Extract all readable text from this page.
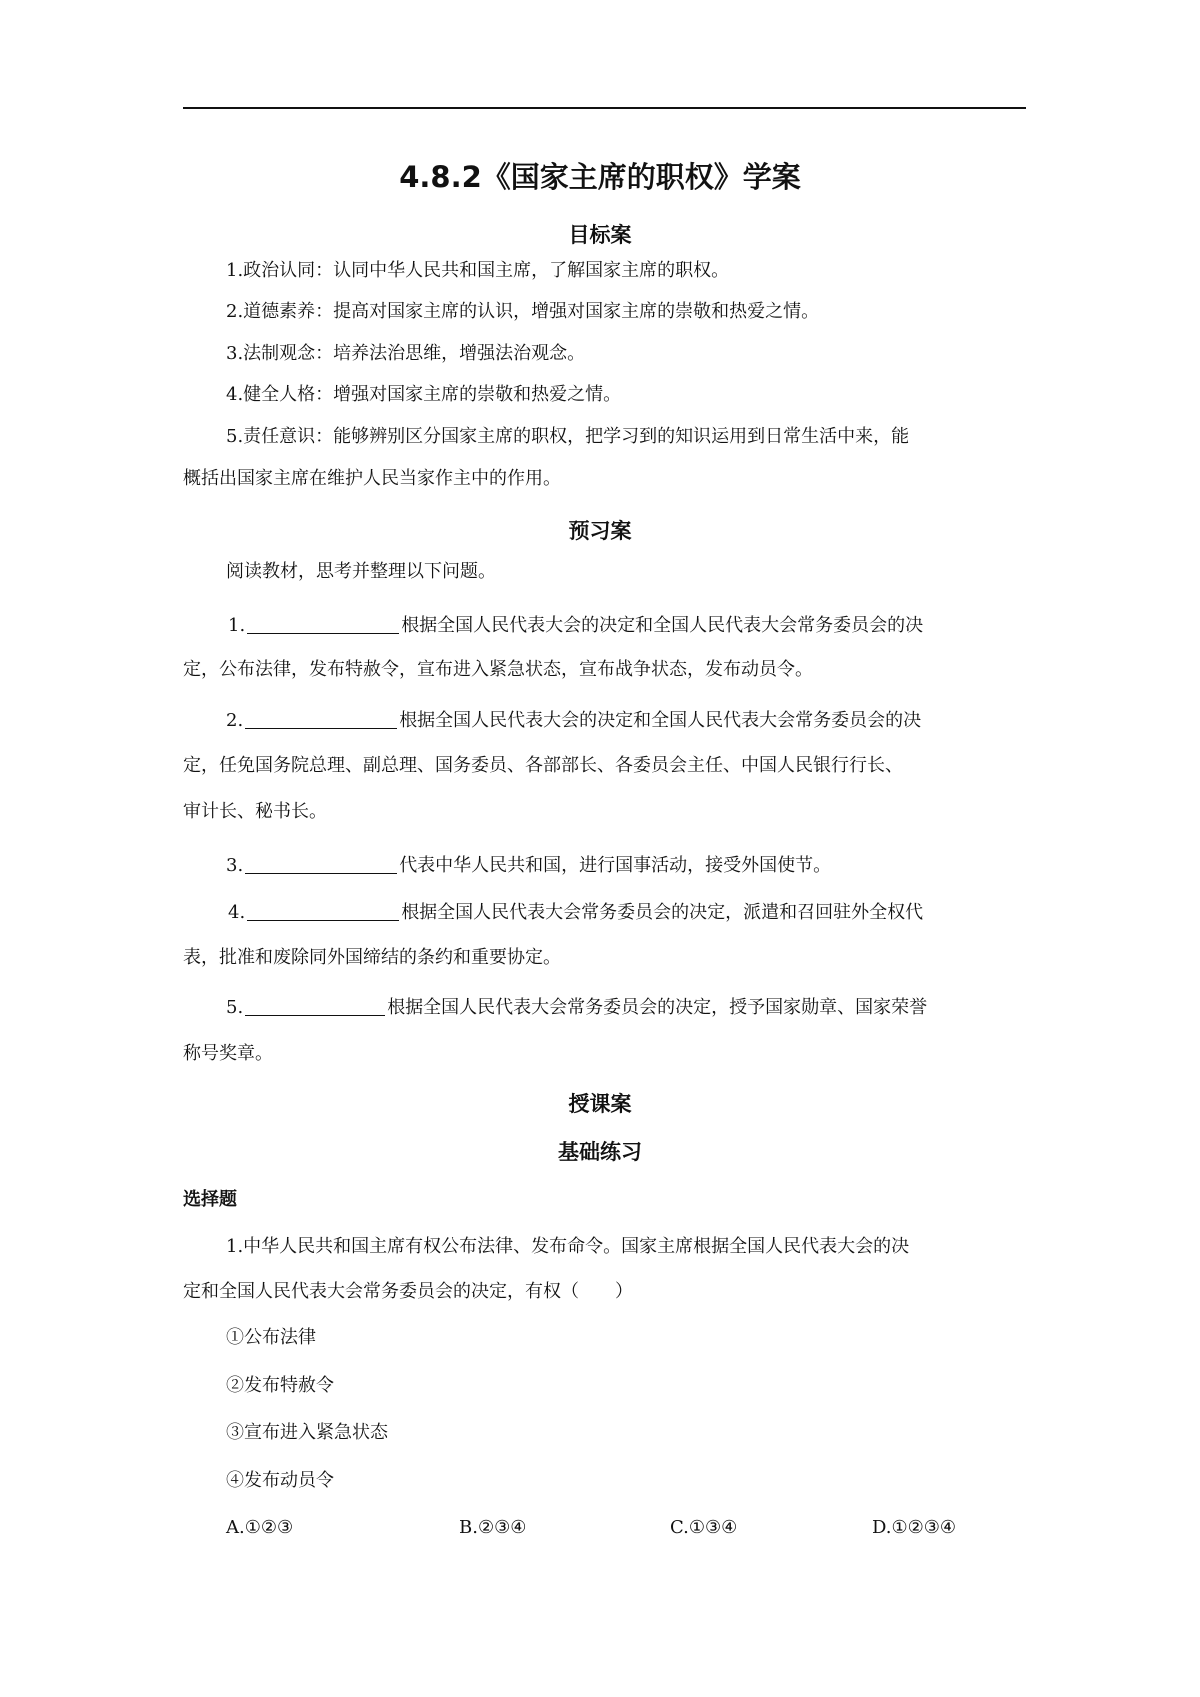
4.8.2《国家主席的职权》学案
目标案
1.政治认同：认同中华人民共和国主席，了解国家主席的职权。
2.道德素养：提高对国家主席的认识，增强对国家主席的崇敬和热爱之情。
3.法制观念：培养法治思维，增强法治观念。
4.健全人格：增强对国家主席的崇敬和热爱之情。
5.责任意识：能够辨别区分国家主席的职权，把学习到的知识运用到日常生活中来，能
概括出国家主席在维护人民当家作主中的作用。
预习案
阅读教材，思考并整理以下问题。
1.	根据全国人民代表大会的决定和全国人民代表大会常务委员会的决
定，公布法律，发布特赦令，宣布进入紧急状态，宣布战争状态，发布动员令。
2.	根据全国人民代表大会的决定和全国人民代表大会常务委员会的决
定，任免国务院总理、副总理、国务委员、各部部长、各委员会主任、中国人民银行行长、
审计长、秘书长。
3.	代表中华人民共和国，进行国事活动，接受外国使节。
4.	根据全国人民代表大会常务委员会的决定，派遣和召回驻外全权代
表，批准和废除同外国缔结的条约和重要协定。
5.	根据全国人民代表大会常务委员会的决定，授予国家勋章、国家荣誉
称号奖章。
授课案
基础练习
选择题
1.中华人民共和国主席有权公布法律、发布命令。国家主席根据全国人民代表大会的决
定和全国人民代表大会常务委员会的决定，有权（　　）
①公布法律
②发布特赦令
③宣布进入紧急状态
④发布动员令
A.①②③	B.②③④	C.①③④	D.①②③④
